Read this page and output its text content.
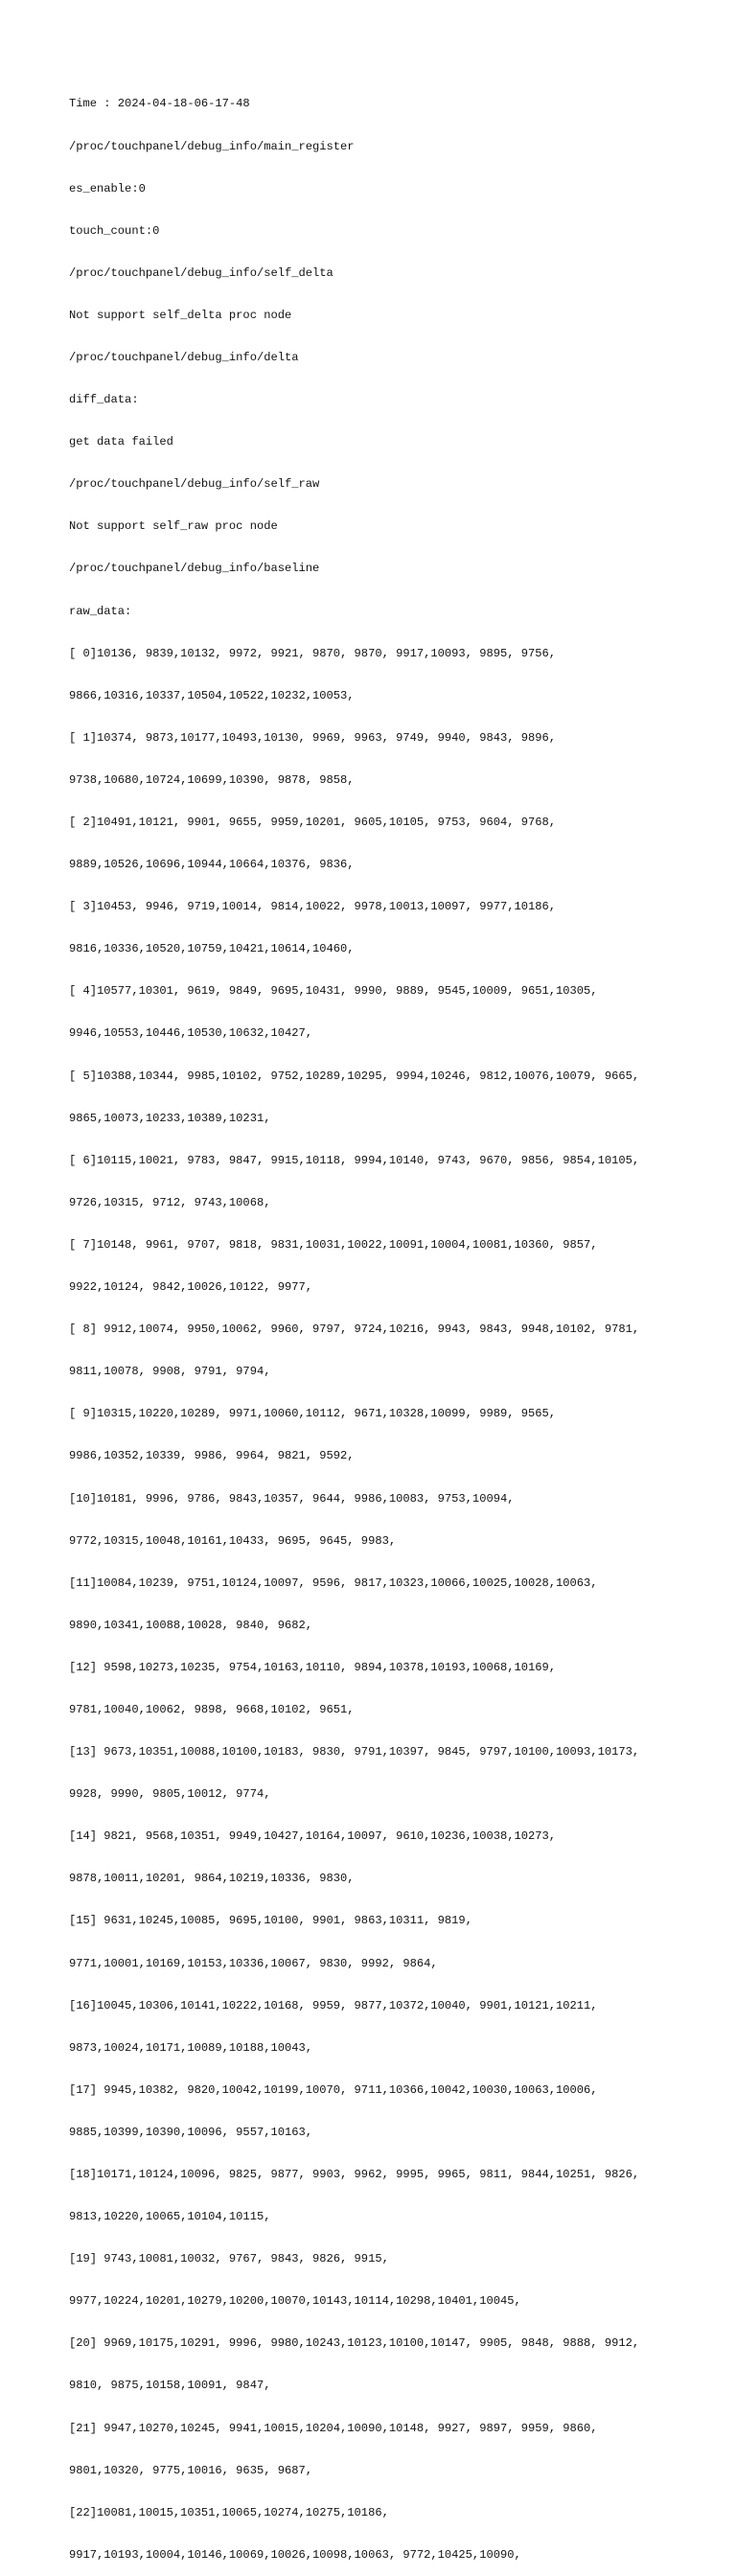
Time : 2024-04-18-06-17-48

/proc/touchpanel/debug_info/main_register

es_enable:0

touch_count:0

/proc/touchpanel/debug_info/self_delta

Not support self_delta proc node

/proc/touchpanel/debug_info/delta

diff_data:

get data failed

/proc/touchpanel/debug_info/self_raw

Not support self_raw proc node

/proc/touchpanel/debug_info/baseline

raw_data:

[ 0]10136, 9839,10132, 9972, 9921, 9870, 9870, 9917,10093, 9895, 9756,

9866,10316,10337,10504,10522,10232,10053,

[ 1]10374, 9873,10177,10493,10130, 9969, 9963, 9749, 9940, 9843, 9896,

9738,10680,10724,10699,10390, 9878, 9858,

[ 2]10491,10121, 9901, 9655, 9959,10201, 9605,10105, 9753, 9604, 9768,

9889,10526,10696,10944,10664,10376, 9836,

[ 3]10453, 9946, 9719,10014, 9814,10022, 9978,10013,10097, 9977,10186,

9816,10336,10520,10759,10421,10614,10460,

[ 4]10577,10301, 9619, 9849, 9695,10431, 9990, 9889, 9545,10009, 9651,10305,

9946,10553,10446,10530,10632,10427,

[ 5]10388,10344, 9985,10102, 9752,10289,10295, 9994,10246, 9812,10076,10079, 9665,

9865,10073,10233,10389,10231,

[ 6]10115,10021, 9783, 9847, 9915,10118, 9994,10140, 9743, 9670, 9856, 9854,10105,

9726,10315, 9712, 9743,10068,

[ 7]10148, 9961, 9707, 9818, 9831,10031,10022,10091,10004,10081,10360, 9857,

9922,10124, 9842,10026,10122, 9977,

[ 8] 9912,10074, 9950,10062, 9960, 9797, 9724,10216, 9943, 9843, 9948,10102, 9781,

9811,10078, 9908, 9791, 9794,

[ 9]10315,10220,10289, 9971,10060,10112, 9671,10328,10099, 9989, 9565,

9986,10352,10339, 9986, 9964, 9821, 9592,

[10]10181, 9996, 9786, 9843,10357, 9644, 9986,10083, 9753,10094,

9772,10315,10048,10161,10433, 9695, 9645, 9983,

[11]10084,10239, 9751,10124,10097, 9596, 9817,10323,10066,10025,10028,10063,

9890,10341,10088,10028, 9840, 9682,

[12] 9598,10273,10235, 9754,10163,10110, 9894,10378,10193,10068,10169,

9781,10040,10062, 9898, 9668,10102, 9651,

[13] 9673,10351,10088,10100,10183, 9830, 9791,10397, 9845, 9797,10100,10093,10173,

9928, 9990, 9805,10012, 9774,

[14] 9821, 9568,10351, 9949,10427,10164,10097, 9610,10236,10038,10273,

9878,10011,10201, 9864,10219,10336, 9830,

[15] 9631,10245,10085, 9695,10100, 9901, 9863,10311, 9819,

9771,10001,10169,10153,10336,10067, 9830, 9992, 9864,

[16]10045,10306,10141,10222,10168, 9959, 9877,10372,10040, 9901,10121,10211,

9873,10024,10171,10089,10188,10043,

[17] 9945,10382, 9820,10042,10199,10070, 9711,10366,10042,10030,10063,10006,

9885,10399,10390,10096, 9557,10163,

[18]10171,10124,10096, 9825, 9877, 9903, 9962, 9995, 9965, 9811, 9844,10251, 9826,

9813,10220,10065,10104,10115,

[19] 9743,10081,10032, 9767, 9843, 9826, 9915,

9977,10224,10201,10279,10200,10070,10143,10114,10298,10401,10045,

[20] 9969,10175,10291, 9996, 9980,10243,10123,10100,10147, 9905, 9848, 9888, 9912,

9810, 9875,10158,10091, 9847,

[21] 9947,10270,10245, 9941,10015,10204,10090,10148, 9927, 9897, 9959, 9860,

9801,10320, 9775,10016, 9635, 9687,

[22]10081,10015,10351,10065,10274,10275,10186,

9917,10193,10004,10146,10069,10026,10098,10063, 9772,10425,10090,
